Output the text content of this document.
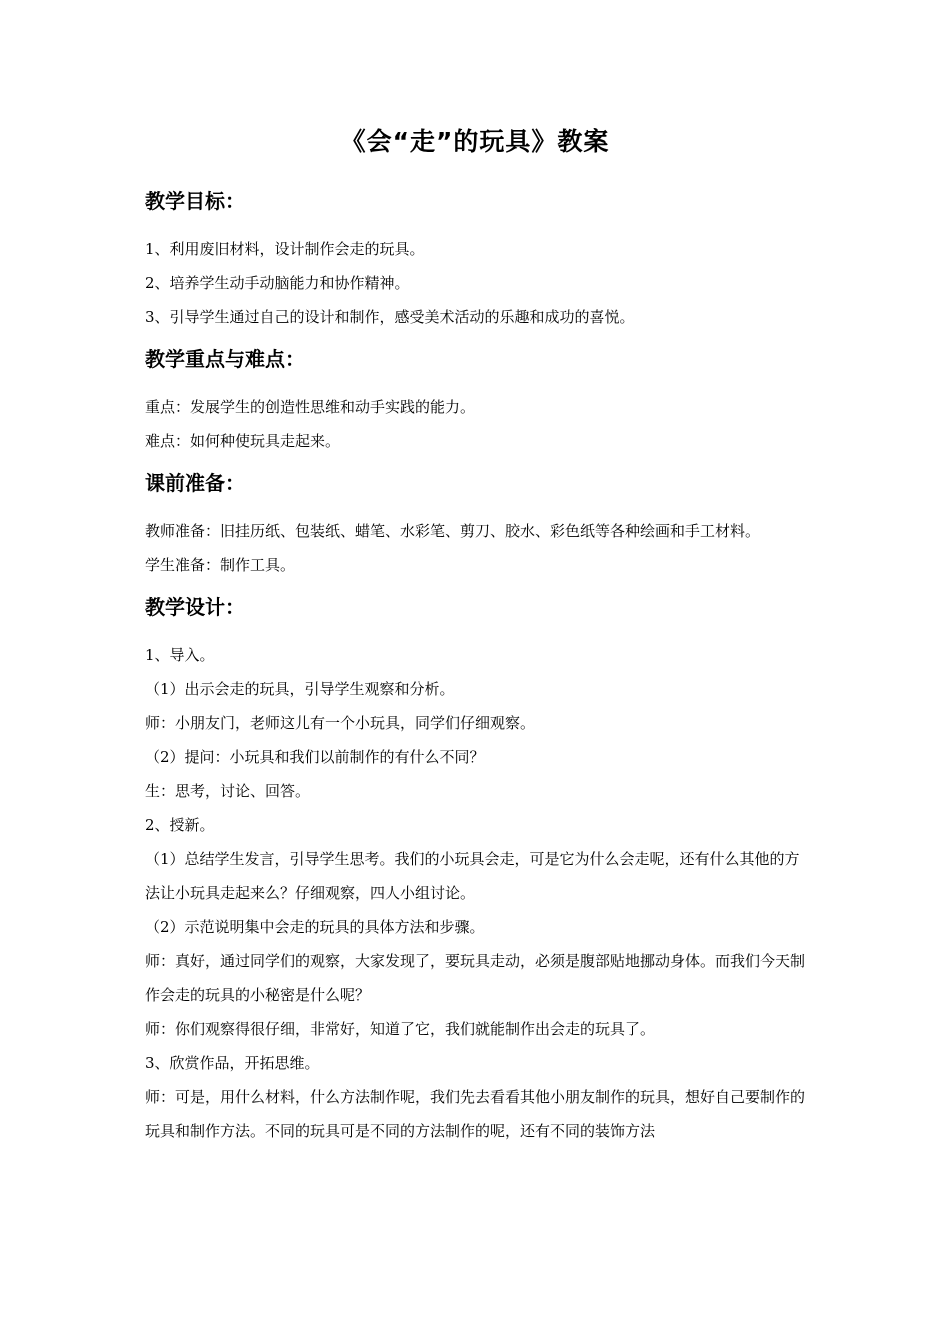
《会“走”的玩具》教案
教学目标：

1、利用废旧材料，设计制作会走的玩具。

2、培养学生动手动脑能力和协作精神。

3、引导学生通过自己的设计和制作，感受美术活动的乐趣和成功的喜悦。

教学重点与难点：

重点：发展学生的创造性思维和动手实践的能力。

难点：如何种使玩具走起来。

课前准备：

教师准备：旧挂历纸、包装纸、蜡笔、水彩笔、剪刀、胶水、彩色纸等各种绘画和手工材料。

学生准备：制作工具。

教学设计：

1、导入。

（1）出示会走的玩具，引导学生观察和分析。

师：小朋友门，老师这儿有一个小玩具，同学们仔细观察。

（2）提问：小玩具和我们以前制作的有什么不同？

生：思考，讨论、回答。

2、授新。

（1）总结学生发言，引导学生思考。我们的小玩具会走，可是它为什么会走呢，还有什么其他的方法让小玩具走起来么？仔细观察，四人小组讨论。

（2）示范说明集中会走的玩具的具体方法和步骤。

师：真好，通过同学们的观察，大家发现了，要玩具走动，必须是腹部贴地挪动身体。而我们今天制作会走的玩具的小秘密是什么呢？

师：你们观察得很仔细，非常好，知道了它，我们就能制作出会走的玩具了。

3、欣赏作品，开拓思维。

师：可是，用什么材料，什么方法制作呢，我们先去看看其他小朋友制作的玩具，想好自己要制作的玩具和制作方法。不同的玩具可是不同的方法制作的呢，还有不同的装饰方法
